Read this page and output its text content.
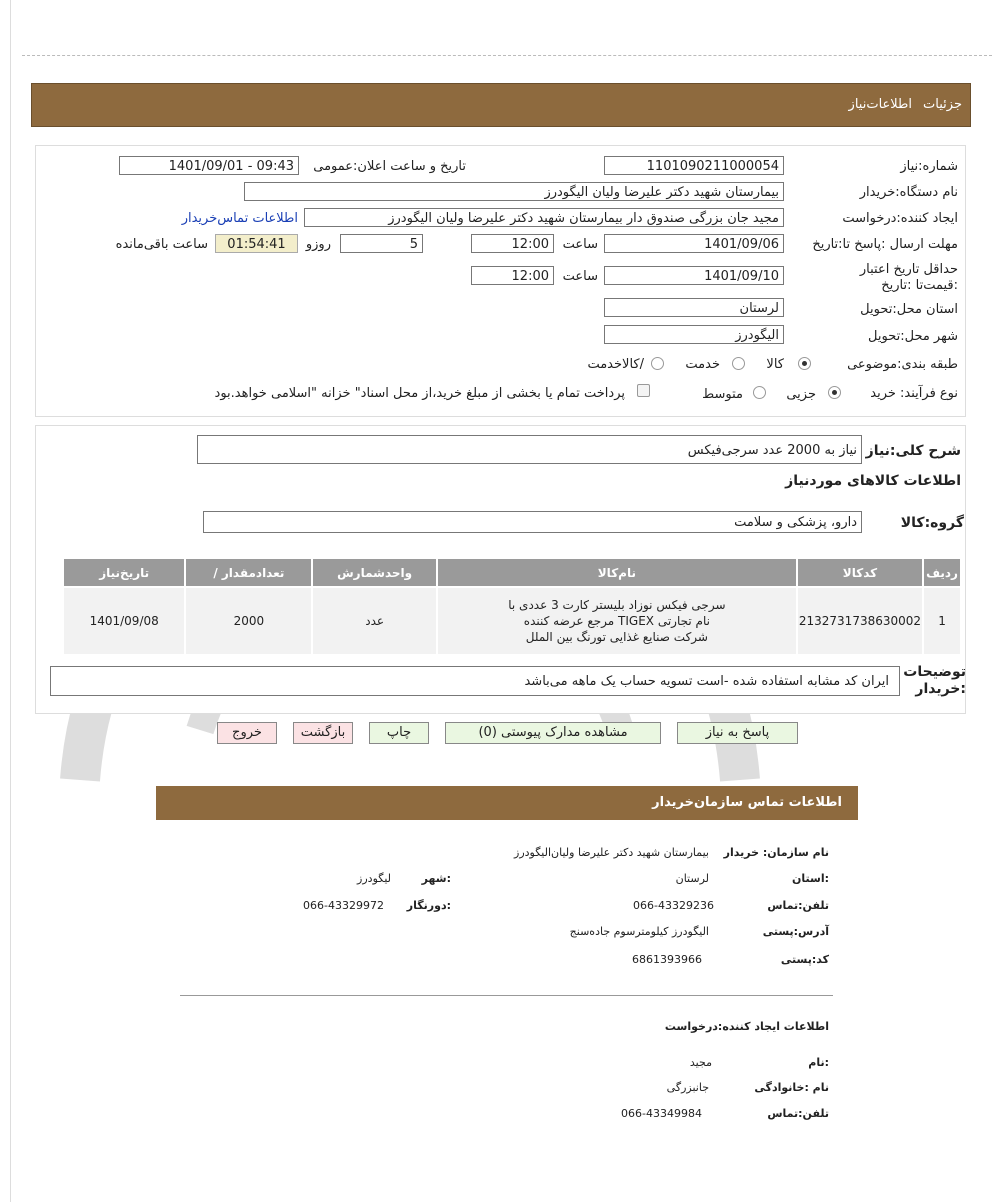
جزئیات
اطلاعات‌نیاز
شماره:نیاز
1101090211000054
تاریخ و ساعت اعلان:عمومی
1401/09/01 - 09:43
نام دستگاه:خریدار
بیمارستان شهید دکتر علیرضا ولیان الیگودرز
ایجاد کننده:درخواست
مجید جان بزرگی صندوق دار بیمارستان شهید دکتر علیرضا ولیان الیگودرز
اطلاعات تماس‌خریدار
مهلت ارسال :پاسخ تا:تاریخ
1401/09/06
ساعت
12:00
5
روزو
01:54:41
ساعت باقی‌مانده
حداقل تاریخ اعتبار :قیمت‌تا :تاریخ
1401/09/10
ساعت
12:00
استان محل:تحویل
لرستان
شهر محل:تحویل
الیگودرز
طبقه بندی:موضوعی
کالا
خدمت
/کالاخدمت
نوع فرآیند: خرید
جزیی
متوسط
پرداخت تمام یا بخشی از مبلغ خرید،از محل اسناد" خزانه "اسلامی خواهد.بود
شرح کلی:نیاز
نیاز به 2000 عدد سرجی‌فیکس
اطلاعات کالاهای موردنیاز
گروه:کالا
دارو، پزشکی و سلامت
تاریخ‌نیاز	/ تعدادمقدار	واحدشمارش	نام‌کالا	کدکالا	ردیف
1401/09/08	2000	عدد	سرجی فیکس نوزاد بلیستر کارت 3 عددی با نام تجارتی TIGEX مرجع عرضه کننده شرکت صنایع غذایی تورنگ بین الملل	2132731738630002	1
توضیحات :خریدار
ایران کد مشابه استفاده شده -است تسویه حساب یک ماهه می‌باشد
پاسخ به نیاز
مشاهده مدارک پیوستی (0)
چاپ
بازگشت
خروج
اطلاعات تماس سازمان‌خریدار
نام سازمان: خریدار
بیمارستان شهید دکتر علیرضا ولیان‌الیگودرز
:استان
لرستان
:شهر
لیگودرز
تلفن:تماس
066-43329236
:دورنگار
066-43329972
آدرس:پستی
الیگودرز کیلومترسوم جاده‌سنج
کد:پستی
6861393966
اطلاعات ایجاد کننده:درخواست
:نام
مجید
نام :خانوادگی
جانبزرگی
تلفن:تماس
066-43349984
